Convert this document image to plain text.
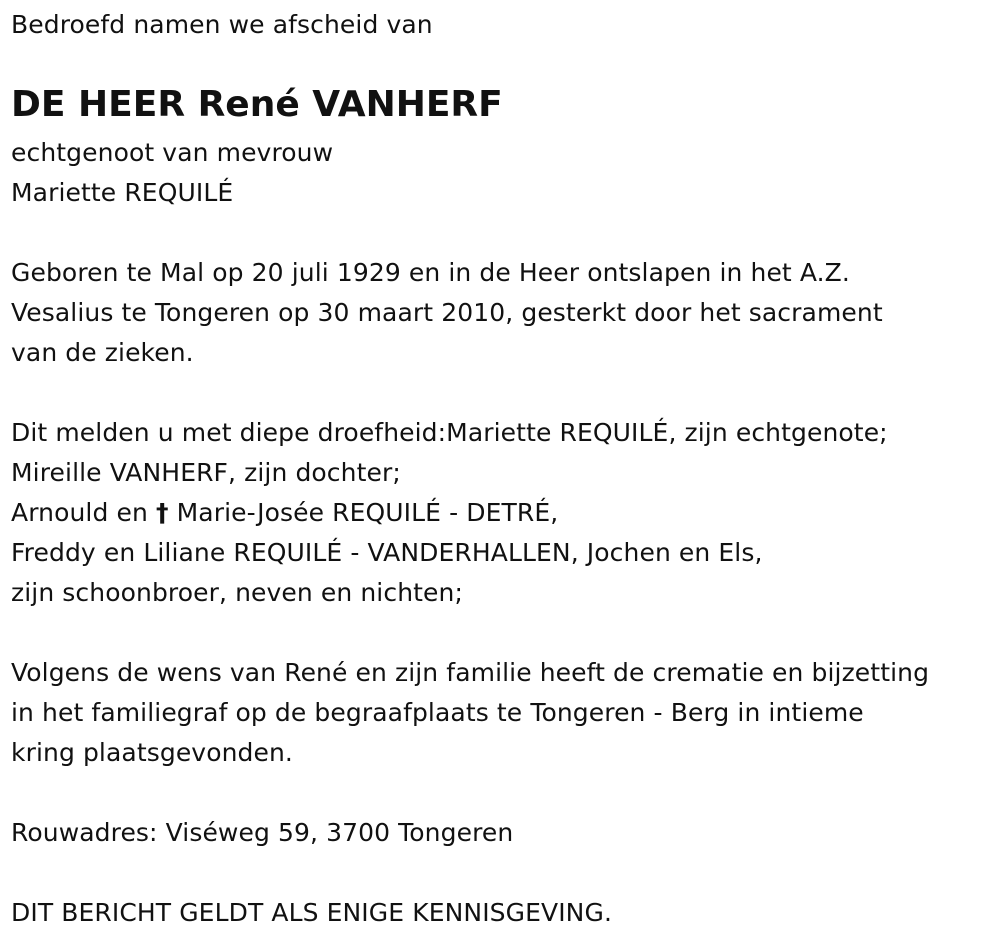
Bedroefd namen we afscheid van
DE HEER René VANHERF
echtgenoot van mevrouw
Mariette REQUILÉ
Geboren te Mal op 20 juli 1929 en in de Heer ontslapen in het A.Z.
Vesalius te Tongeren op 30 maart 2010, gesterkt door het sacrament
van de zieken.
Dit melden u met diepe droefheid:Mariette REQUILÉ, zijn echtgenote;
Mireille VANHERF, zijn dochter;
Arnould en † Marie-Josée REQUILÉ - DETRÉ,
Freddy en Liliane REQUILÉ - VANDERHALLEN, Jochen en Els,
zijn schoonbroer, neven en nichten;
Volgens de wens van René en zijn familie heeft de crematie en bijzetting
in het familiegraf op de begraafplaats te Tongeren - Berg in intieme
kring plaatsgevonden.
Rouwadres: Viséweg 59, 3700 Tongeren
DIT BERICHT GELDT ALS ENIGE KENNISGEVING.
